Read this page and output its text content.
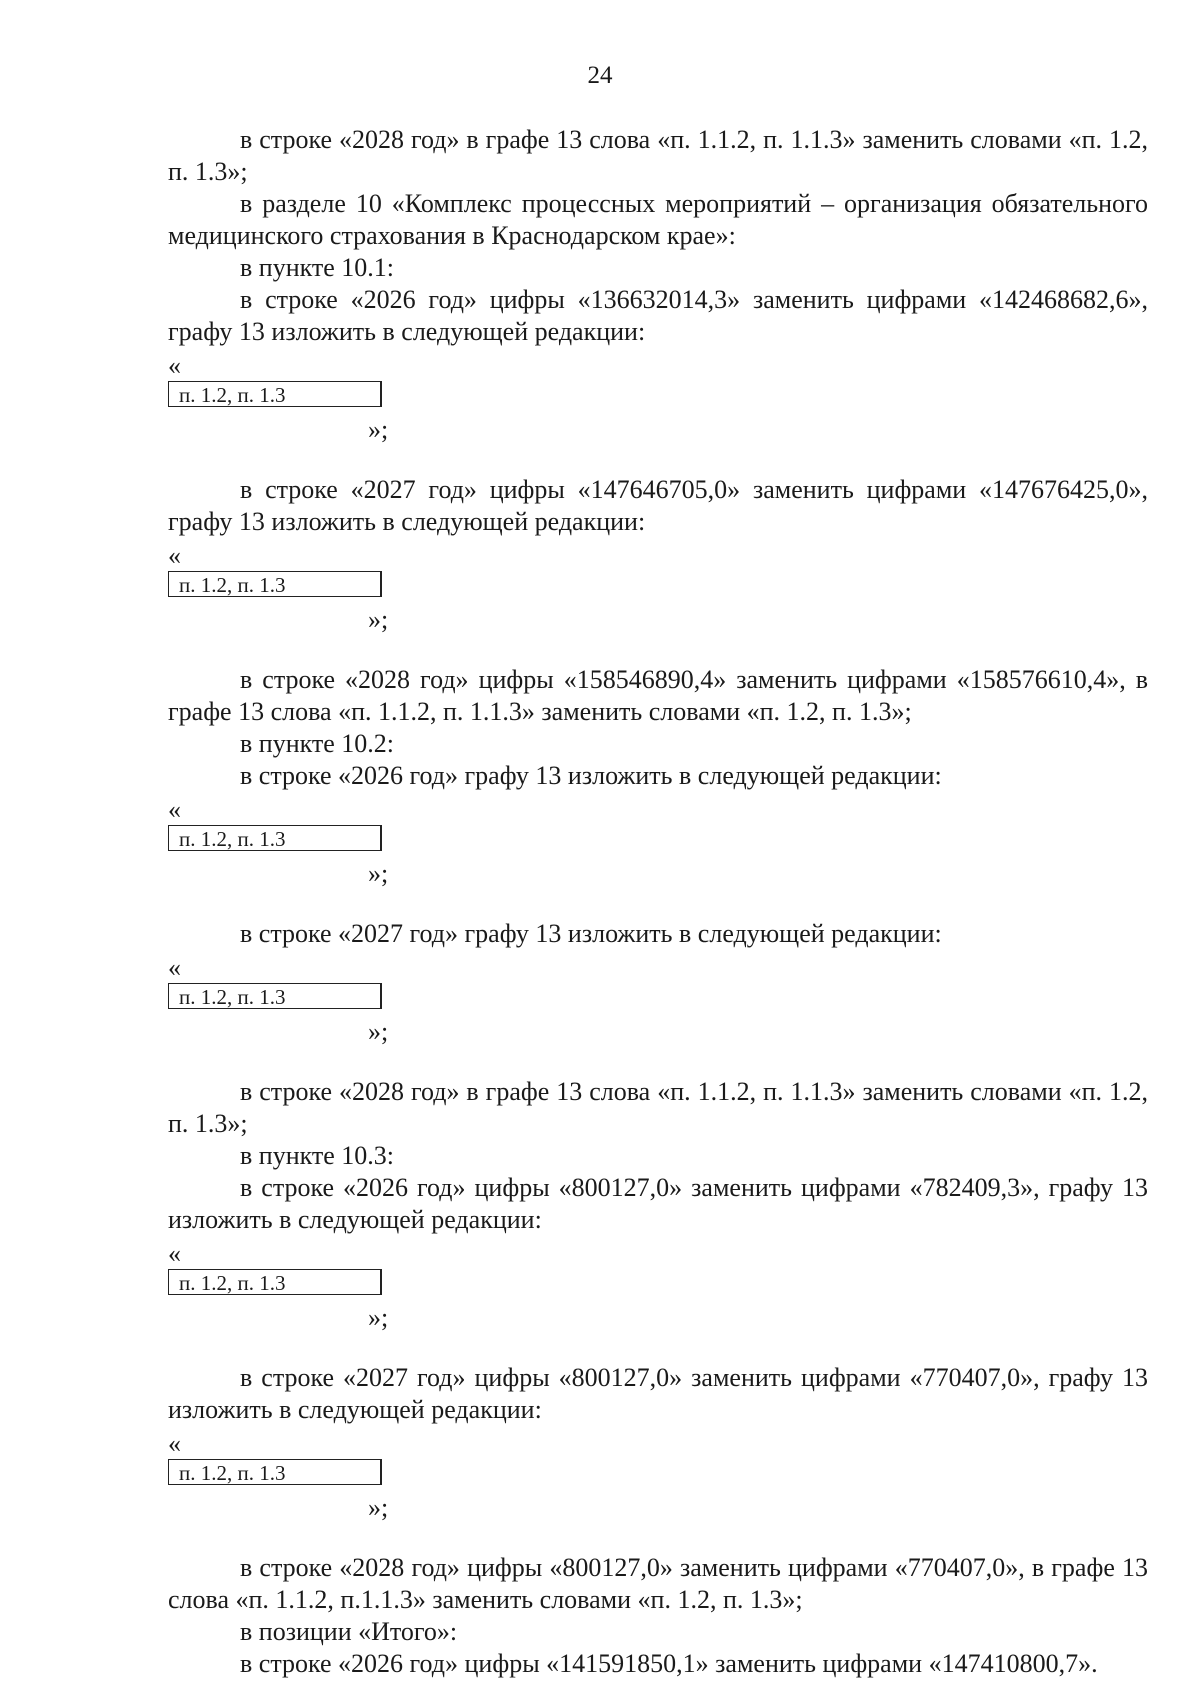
24

в строке «2028 год» в графе 13 слова «п. 1.1.2, п. 1.1.3» заменить словами «п. 1.2, п. 1.3»;

в разделе 10 «Комплекс процессных мероприятий – организация обязательного медицинского страхования в Краснодарском крае»:

в пункте 10.1:

в строке «2026 год» цифры «136632014,3» заменить цифрами «142468682,6», графу 13 изложить в следующей редакции:

«
п. 1.2, п. 1.3
»;

в строке «2027 год» цифры «147646705,0» заменить цифрами «147676425,0», графу 13 изложить в следующей редакции:

«
п. 1.2, п. 1.3
»;

в строке «2028 год» цифры «158546890,4» заменить цифрами «158576610,4», в графе 13 слова «п. 1.1.2, п. 1.1.3» заменить словами «п. 1.2, п. 1.3»;

в пункте 10.2:

в строке «2026 год» графу 13 изложить в следующей редакции:

«
п. 1.2, п. 1.3
»;

в строке «2027 год» графу 13 изложить в следующей редакции:

«
п. 1.2, п. 1.3
»;

в строке «2028 год» в графе 13 слова «п. 1.1.2, п. 1.1.3» заменить словами «п. 1.2, п. 1.3»;

в пункте 10.3:

в строке «2026 год» цифры «800127,0» заменить цифрами «782409,3», графу 13 изложить в следующей редакции:

«
п. 1.2, п. 1.3
»;

в строке «2027 год» цифры «800127,0» заменить цифрами «770407,0», графу 13 изложить в следующей редакции:

«
п. 1.2, п. 1.3
»;

в строке «2028 год» цифры «800127,0» заменить цифрами «770407,0», в графе 13 слова «п. 1.1.2, п.1.1.3» заменить словами «п. 1.2, п. 1.3»;

в позиции «Итого»:

в строке «2026 год» цифры «141591850,1» заменить цифрами «147410800,7».
